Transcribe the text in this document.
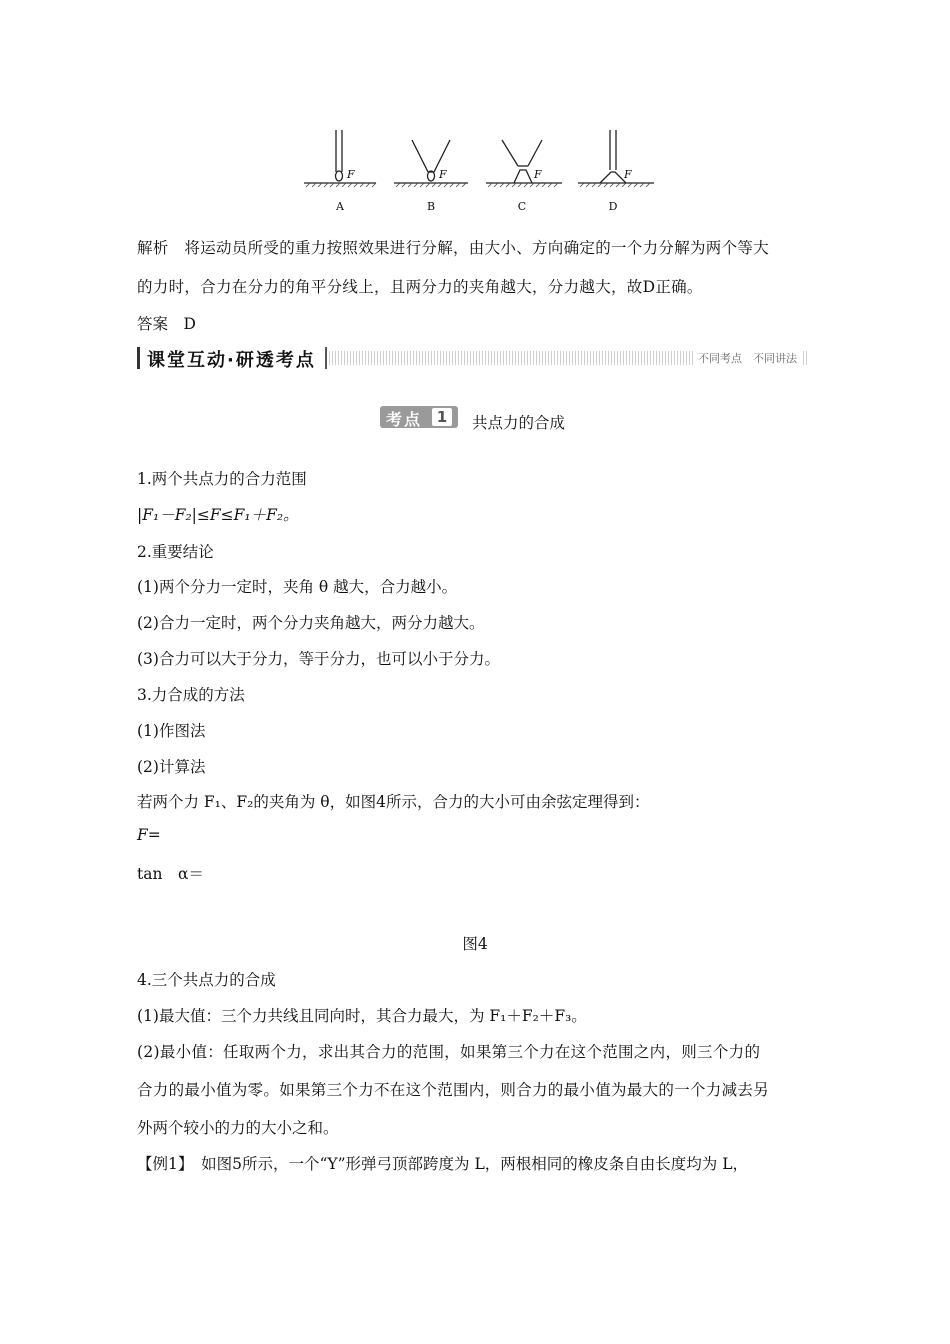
F	F	F	F
A	B	C	D
解析　将运动员所受的重力按照效果进行分解，由大小、方向确定的一个力分解为两个等大
的力时，合力在分力的角平分线上，且两分力的夹角越大，分力越大，故D正确。
答案　D
课堂互动·研透考点	不同考点　不同讲法
考点 1	共点力的合成
1.两个共点力的合力范围
|F₁－F₂|≤F≤F₁＋F₂。
2.重要结论
(1)两个分力一定时，夹角 θ 越大，合力越小。
(2)合力一定时，两个分力夹角越大，两分力越大。
(3)合力可以大于分力，等于分力，也可以小于分力。
3.力合成的方法
(1)作图法
(2)计算法
若两个力 F₁、F₂的夹角为 θ，如图4所示，合力的大小可由余弦定理得到：
F=
tan　α＝
图4
4.三个共点力的合成
(1)最大值：三个力共线且同向时，其合力最大，为 F₁＋F₂＋F₃。
(2)最小值：任取两个力，求出其合力的范围，如果第三个力在这个范围之内，则三个力的
合力的最小值为零。如果第三个力不在这个范围内，则合力的最小值为最大的一个力减去另
外两个较小的力的大小之和。
【例1】　如图5所示，一个“Y”形弹弓顶部跨度为 L，两根相同的橡皮条自由长度均为 L，
